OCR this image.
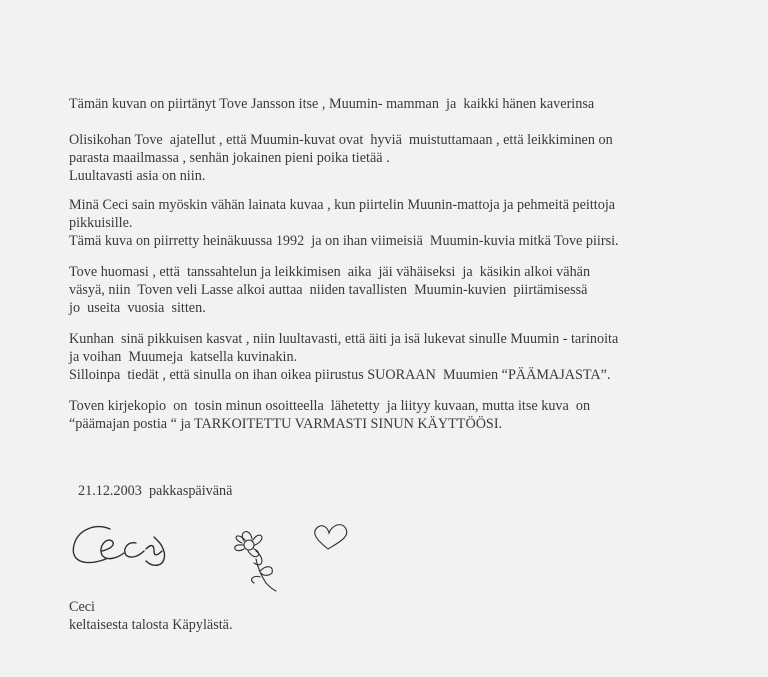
Tämän kuvan on piirtänyt Tove Jansson itse , Muumin- mamman  ja  kaikki hänen kaverinsa
Olisikohan Tove  ajatellut , että Muumin-kuvat ovat  hyviä  muistuttamaan , että leikkiminen on
parasta maailmassa , senhän jokainen pieni poika tietää .
Luultavasti asia on niin.
Minä Ceci sain myöskin vähän lainata kuvaa , kun piirtelin Muunin-mattoja ja pehmeitä peittoja
pikkuisille.
Tämä kuva on piirretty heinäkuussa 1992  ja on ihan viimeisiä  Muumin-kuvia mitkä Tove piirsi.
Tove huomasi , että  tanssahtelun ja leikkimisen  aika  jäi vähäiseksi  ja  käsikin alkoi vähän
väsyä, niin  Toven veli Lasse alkoi auttaa  niiden tavallisten  Muumin-kuvien  piirtämisessä
jo  useita  vuosia  sitten.
Kunhan  sinä pikkuisen kasvat , niin luultavasti, että äiti ja isä lukevat sinulle Muumin - tarinoita
ja voihan  Muumeja  katsella kuvinakin.
Silloinpa  tiedät , että sinulla on ihan oikea piirustus SUORAAN  Muumien “PÄÄMAJASTA”.
Toven kirjekopio  on  tosin minun osoitteella  lähetetty  ja liityy kuvaan, mutta itse kuva  on
“päämajan postia “ ja TARKOITETTU VARMASTI SINUN KÄYTTÖÖSI.
21.12.2003  pakkaspäivänä
Ceci
keltaisesta talosta Käpylästä.
